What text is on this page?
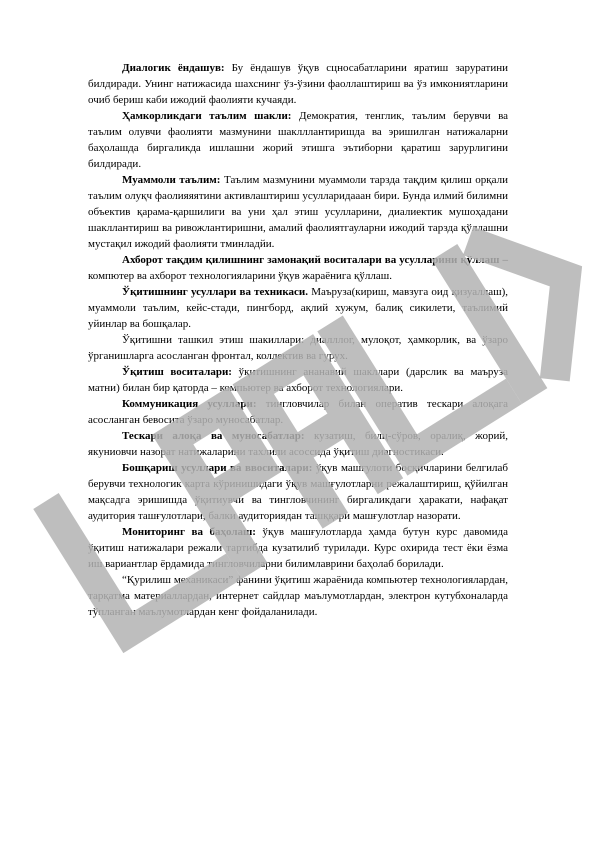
Диалогик ёндашув: Бу ёндашув ўқув сцносабатларини яратиш заруратини билдиради. Унинг натижасида шахснинг ўз-ўзини фаоллаштириш ва ўз имкониятларини очиб бериш каби ижодий фаолияти кучаяди.

Ҳамкорликдаги таълим шакли: Демократия, тенглик, таълим берувчи ва таълим олувчи фаолияти мазмунини шаклллантиришда ва эришилган натижаларни баҳолашда биргаликда ишлашни жорий этишга эътиборни қаратиш зарурлигини билдиради.

Муаммоли таълим: Таълим мазмунини муаммоли тарзда тақдим қилиш орқали таълим олуқч фаолияяятини активлаштириш усулларидааан бири. Бунда илмий билимни объектив қарама-қаршилиги ва уни ҳал этиш усулларини, диалиектик мушоҳадани шакллантириш ва ривожлантиришни, амалий фаолиятгауларни ижодий тарзда қўллашни мустақил ижодий фаолияти тминладйи.

Ахборот тақдим қилишнинг замонақий воситалари ва усулларини қўллаш – компютер ва ахборот технологияларини ўқув жараёнига қўллаш.

Ўқитишнинг усуллари ва техникаси. Маъруза(кириш, мавзуга оид қизуаллаш), муаммоли таълим, кейс-стади, пингборд, ақлий хужум, балиқ сикилети, таълимий уйинлар ва бошқалар.

Ўқитишни ташкил этиш шакиллари: диалллог, мулоқот, ҳамкорлик, ва ўзаро ўрганишларга асосланган фронтал, коллектив ва гурух.

Ўқитиш воситалари: ўқитишнинг ананавий шакллари (дарслик ва маъруза матни) билан бир қаторда – компьютер ва ахборот технологиялари.

Коммуникация усуллари: тингловчилар билан оператив тескари алоқага асосланган бевосита ўзаро муносабатлар.

Тескари алоқа ва муносабатлар: кузатиш, билц-сўров, оралиқ, жорий, якуниовчи назорат натижаларини тахлили асоссида ўқитиш диагностикаси.

Бошқариш усуллари ва ввоситалари: ўқув машғулоти босқичларини белгилаб берувчи технологик карта кўринишидаги ўқув машғулотларни режалаштириш, қўйилган мақсадга эришишда ўқитиувчи ва тингловчининг биргаликдаги ҳаракати, нафақат аудитория ташғулотлари, балки аудиториядан ташққари машғулотлар назорати.

Мониторинг ва баҳолаш: ўқув машғулотларда ҳамда бутун курс давомида ўқитиш натижалари режали тартибда кузатилиб турилади. Курс охирида тест ёки ёзма иш вариантлар ёрдамида тингловчиларни билимлаврини баҳолаб борилади.

“Қурилиш механикаси” фанини ўқитиш жараёнида компьютер технологиялардан, тарқатма материаллардан, интернет сайдлар маълумотлардан, электрон кутубхоналарда тўпланган маълумотлардан кенг фойдаланилади.
